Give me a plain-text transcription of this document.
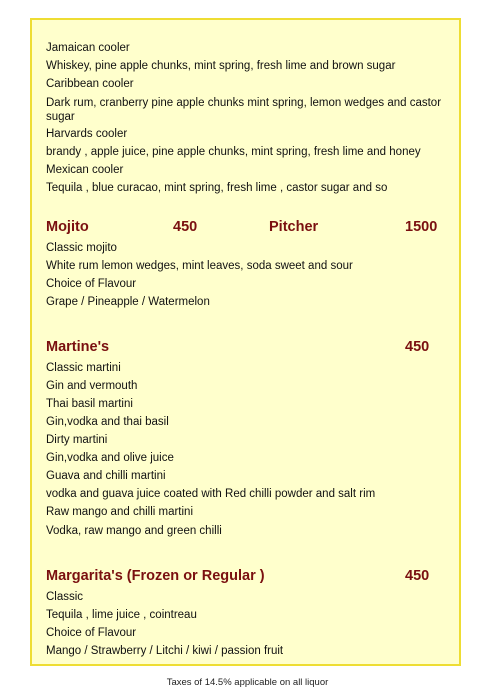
Jamaican cooler
Whiskey, pine apple chunks, mint spring, fresh lime and brown sugar
Caribbean cooler
Dark rum, cranberry pine apple chunks mint spring, lemon wedges and castor sugar
Harvards cooler
brandy , apple juice, pine apple chunks, mint spring, fresh lime and honey
Mexican cooler
Tequila , blue curacao, mint spring, fresh lime , castor sugar and so
Mojito	450	Pitcher	1500
Classic mojito
White rum lemon wedges, mint leaves, soda sweet and sour
Choice of Flavour
Grape / Pineapple / Watermelon
Martine's	450
Classic martini
Gin and vermouth
Thai basil martini
Gin,vodka and thai basil
Dirty martini
Gin,vodka and olive juice
Guava and chilli martini
vodka and guava juice coated with Red chilli powder and salt rim
Raw mango and chilli martini
Vodka, raw mango and green chilli
Margarita's (Frozen or Regular )	450
Classic
Tequila , lime juice , cointreau
Choice of Flavour
Mango / Strawberry / Litchi / kiwi / passion fruit
Taxes of 14.5% applicable on all liquor
